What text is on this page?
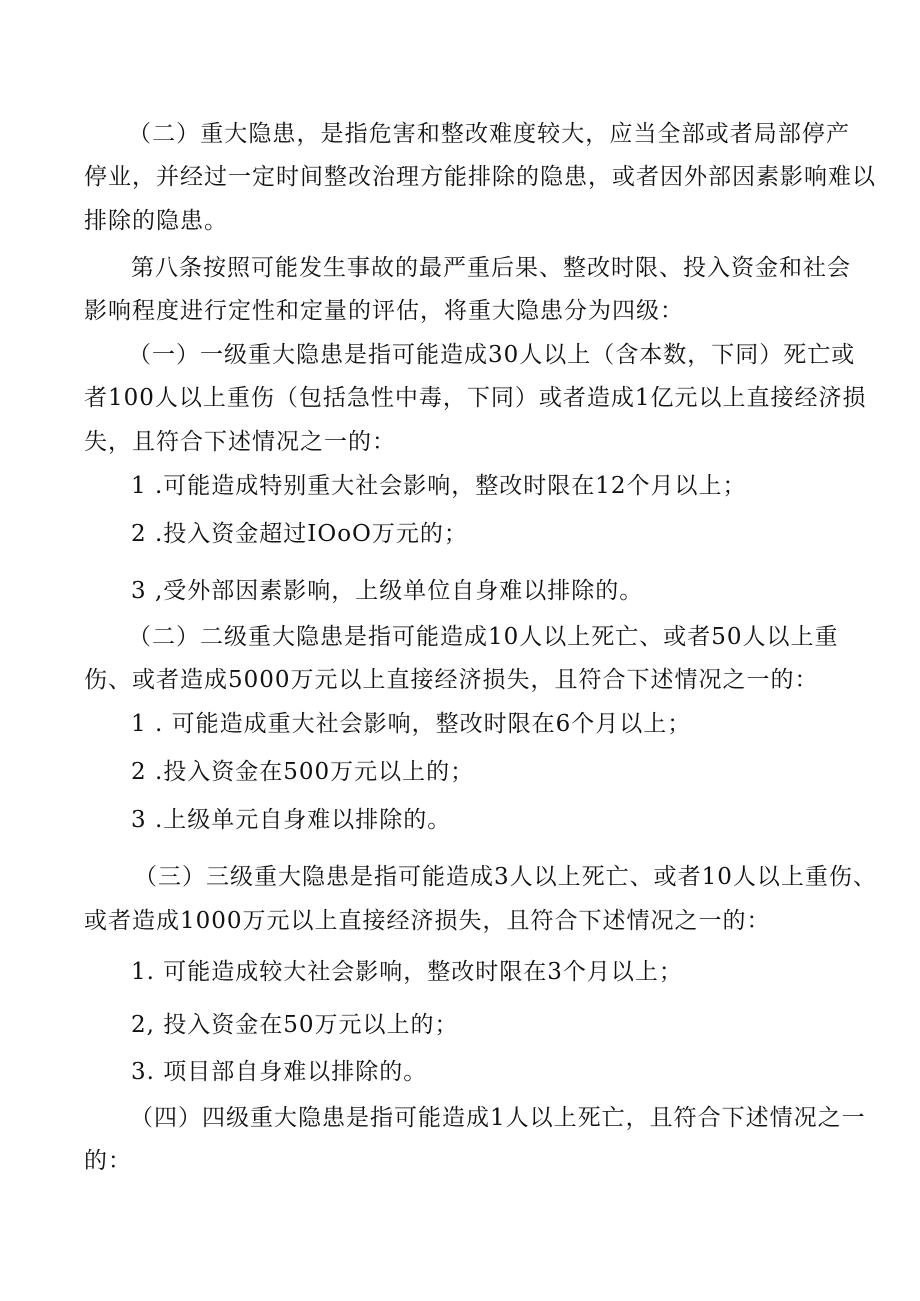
（二）重大隐患，是指危害和整改难度较大，应当全部或者局部停产
停业，并经过一定时间整改治理方能排除的隐患，或者因外部因素影响难以
排除的隐患。
第八条按照可能发生事故的最严重后果、整改时限、投入资金和社会
影响程度进行定性和定量的评估，将重大隐患分为四级：
（一）一级重大隐患是指可能造成30人以上（含本数，下同）死亡或
者100人以上重伤（包括急性中毒，下同）或者造成1亿元以上直接经济损
失，且符合下述情况之一的：
1 .可能造成特别重大社会影响，整改时限在12个月以上；
2 .投入资金超过IOoO万元的；
3 ,受外部因素影响，上级单位自身难以排除的。
（二）二级重大隐患是指可能造成10人以上死亡、或者50人以上重
伤、或者造成5000万元以上直接经济损失，且符合下述情况之一的：
1 . 可能造成重大社会影响，整改时限在6个月以上；
2 .投入资金在500万元以上的；
3 .上级单元自身难以排除的。
（三）三级重大隐患是指可能造成3人以上死亡、或者10人以上重伤、
或者造成1000万元以上直接经济损失，且符合下述情况之一的：
1. 可能造成较大社会影响，整改时限在3个月以上；
2, 投入资金在50万元以上的；
3. 项目部自身难以排除的。
（四）四级重大隐患是指可能造成1人以上死亡，且符合下述情况之一
的：
